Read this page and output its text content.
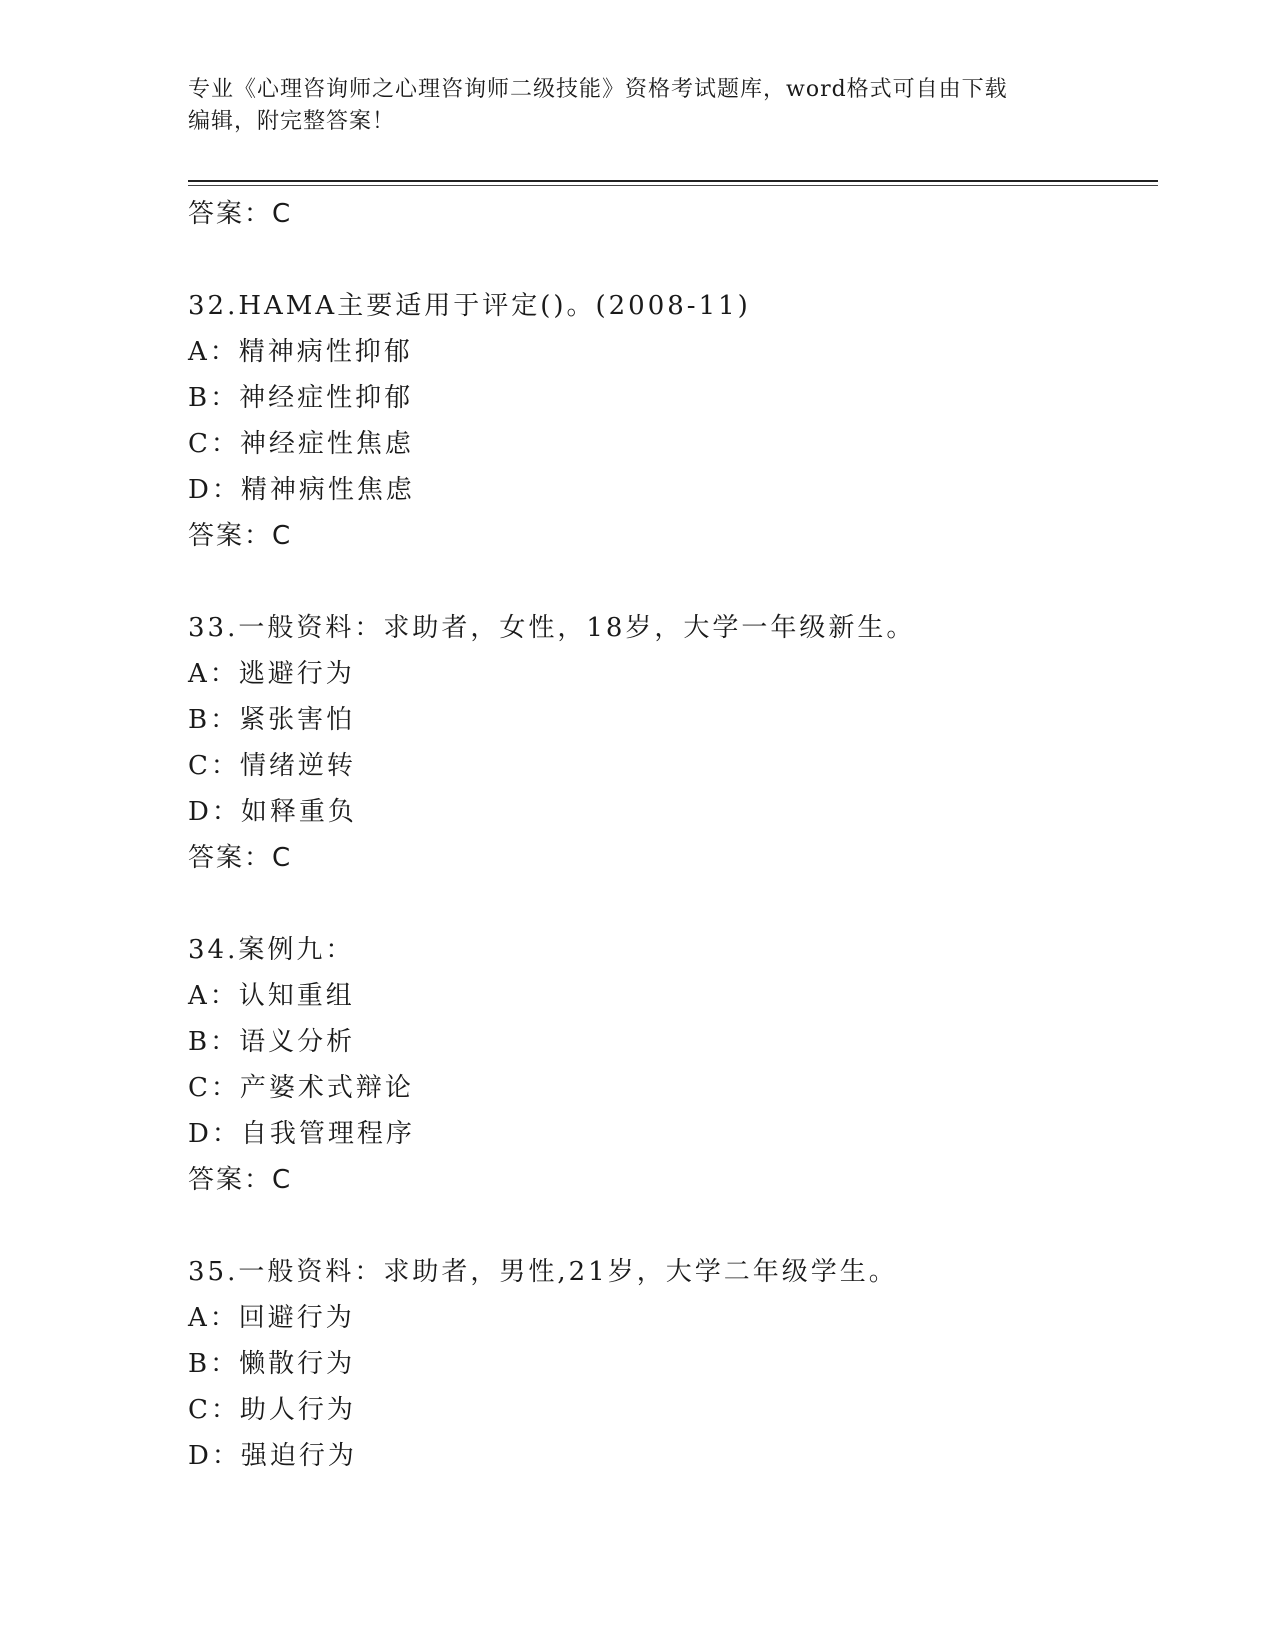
专业《心理咨询师之心理咨询师二级技能》资格考试题库，word格式可自由下载
编辑，附完整答案！
答案：C
32.HAMA主要适用于评定()。(2008-11)
A：精神病性抑郁
B：神经症性抑郁
C：神经症性焦虑
D：精神病性焦虑
答案：C
33.一般资料：求助者，女性，18岁，大学一年级新生。
A：逃避行为
B：紧张害怕
C：情绪逆转
D：如释重负
答案：C
34.案例九：
A：认知重组
B：语义分析
C：产婆术式辩论
D：自我管理程序
答案：C
35.一般资料：求助者，男性,21岁，大学二年级学生。
A：回避行为
B：懒散行为
C：助人行为
D：强迫行为
